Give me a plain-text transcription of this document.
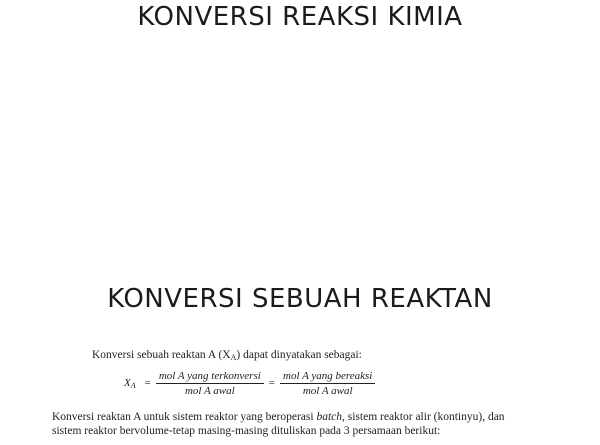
KONVERSI REAKSI KIMIA
KONVERSI SEBUAH REAKTAN
Konversi sebuah reaktan A $(X_A)$ dapat dinyatakan sebagai:
$X_A = \frac{\text{mol A yang terkonversi}}{\text{mol A awal}} = \frac{\text{mol A yang bereaksi}}{\text{mol A awal}}$
Konversi reaktan A untuk sistem reaktor yang beroperasi batch, sistem reaktor alir (kontinyu), dan
sistem reaktor bervolume-tetap masing-masing dituliskan pada 3 persamaan berikut:
